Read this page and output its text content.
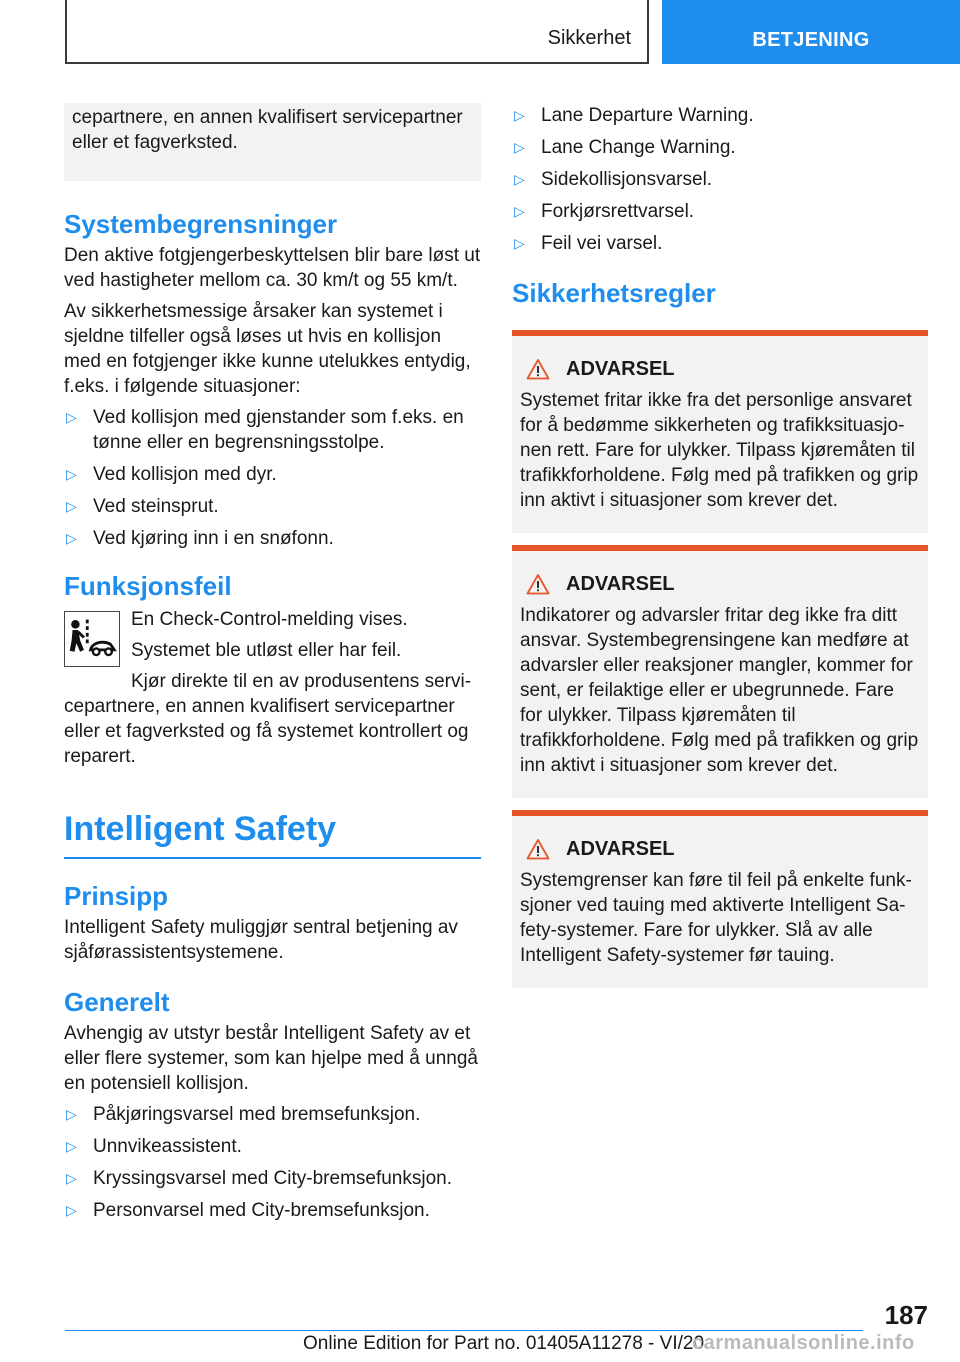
Sikkerhet	BETJENING
cepartnere, en annen kvalifisert servicepartner eller et fagverksted.
Systembegrensninger
Den aktive fotgjengerbeskyttelsen blir bare løst ut ved hastigheter mellom ca. 30 km/t og 55 km/t.
Av sikkerhetsmessige årsaker kan systemet i sjeldne tilfeller også løses ut hvis en kollisjon med en fotgjenger ikke kunne utelukkes entydig, f.eks. i følgende situasjoner:
▷ Ved kollisjon med gjenstander som f.eks. en tønne eller en begrensningsstolpe.
▷ Ved kollisjon med dyr.
▷ Ved steinsprut.
▷ Ved kjøring inn i en snøfonn.
Funksjonsfeil
En Check-Control-melding vises.
Systemet ble utløst eller har feil.
Kjør direkte til en av produsentens servi-
cepartnere, en annen kvalifisert servicepartner eller et fagverksted og få systemet kontrollert og reparert.
Intelligent Safety
Prinsipp
Intelligent Safety muliggjør sentral betjening av sjåførassistentsystemene.
Generelt
Avhengig av utstyr består Intelligent Safety av et eller flere systemer, som kan hjelpe med å unngå en potensiell kollisjon.
▷ Påkjøringsvarsel med bremsefunksjon.
▷ Unnvikeassistent.
▷ Kryssingsvarsel med City-bremsefunksjon.
▷ Personvarsel med City-bremsefunksjon.
▷ Lane Departure Warning.
▷ Lane Change Warning.
▷ Sidekollisjonsvarsel.
▷ Forkjørsrettvarsel.
▷ Feil vei varsel.
Sikkerhetsregler
ADVARSEL
Systemet fritar ikke fra det personlige ansvaret for å bedømme sikkerheten og trafikksituasjonen rett. Fare for ulykker. Tilpass kjøremåten til trafikkforholdene. Følg med på trafikken og grip inn aktivt i situasjoner som krever det.
ADVARSEL
Indikatorer og advarsler fritar deg ikke fra ditt ansvar. Systembegrensingene kan medføre at advarsler eller reaksjoner mangler, kommer for sent, er feilaktige eller er ubegrunnede. Fare for ulykker. Tilpass kjøremåten til trafikkforholdene. Følg med på trafikken og grip inn aktivt i situasjoner som krever det.
ADVARSEL
Systemgrenser kan føre til feil på enkelte funksjoner ved tauing med aktiverte Intelligent Safety-systemer. Fare for ulykker. Slå av alle Intelligent Safety-systemer før tauing.
187
Online Edition for Part no. 01405A11278 - VI/20
carmanualsonline.info
